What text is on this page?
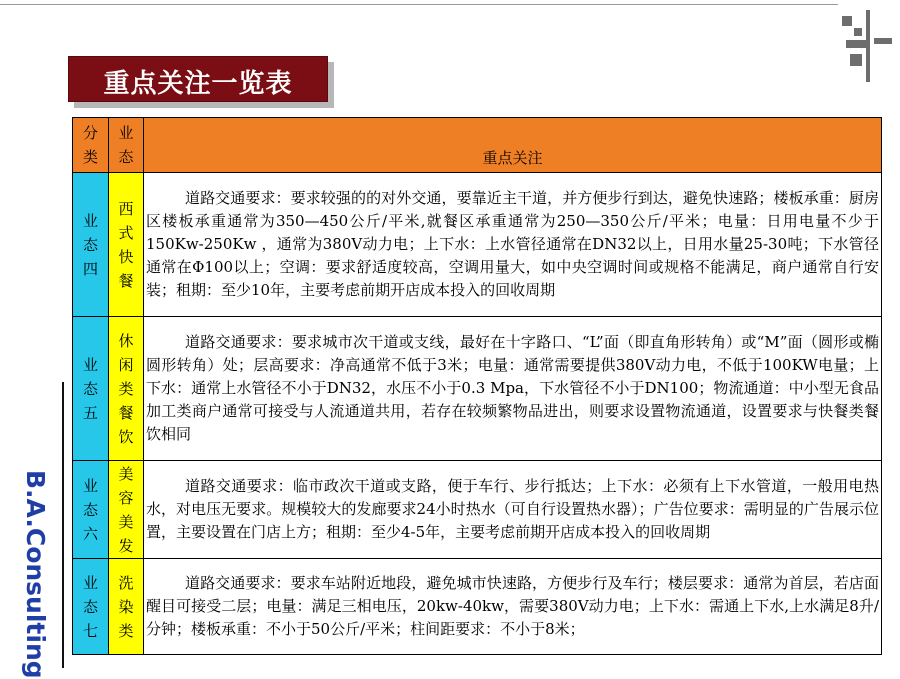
重点关注一览表
B.A.Consulting
分类	业态	重点关注
业态四	西式快餐	道路交通要求：要求较强的的对外交通，要靠近主干道，并方便步行到达，避免快速路；楼板承重：厨房区楼板承重通常为350—450公斤/平米,就餐区承重通常为250—350公斤/平米；电量：日用电量不少于150Kw-250Kw ，通常为380V动力电；上下水：上水管径通常在DN32以上，日用水量25-30吨；下水管径通常在Φ100以上；空调：要求舒适度较高，空调用量大，如中央空调时间或规格不能满足，商户通常自行安装；租期：至少10年，主要考虑前期开店成本投入的回收周期

业态五	休闲类餐饮	道路交通要求：要求城市次干道或支线，最好在十字路口、“L”面（即直角形转角）或“M”面（圆形或椭圆形转角）处；层高要求：净高通常不低于3米；电量：通常需要提供380V动力电，不低于100KW电量；上下水：通常上水管径不小于DN32，水压不小于0.3 Mpa，下水管径不小于DN100；物流通道：中小型无食品加工类商户通常可接受与人流通道共用，若存在较频繁物品进出，则要求设置物流通道，设置要求与快餐类餐饮相同

业态六	美容美发	道路交通要求：临市政次干道或支路，便于车行、步行抵达；上下水：必须有上下水管道，一般用电热水，对电压无要求。规模较大的发廊要求24小时热水（可自行设置热水器）；广告位要求：需明显的广告展示位置，主要设置在门店上方；租期：至少4-5年，主要考虑前期开店成本投入的回收周期

业态七	洗染类	道路交通要求：要求车站附近地段，避免城市快速路，方便步行及车行；楼层要求：通常为首层，若店面醒目可接受二层；电量：满足三相电压，20kw-40kw，需要380V动力电；上下水：需通上下水,上水满足8升/分钟；楼板承重：不小于50公斤/平米；柱间距要求：不小于8米；
